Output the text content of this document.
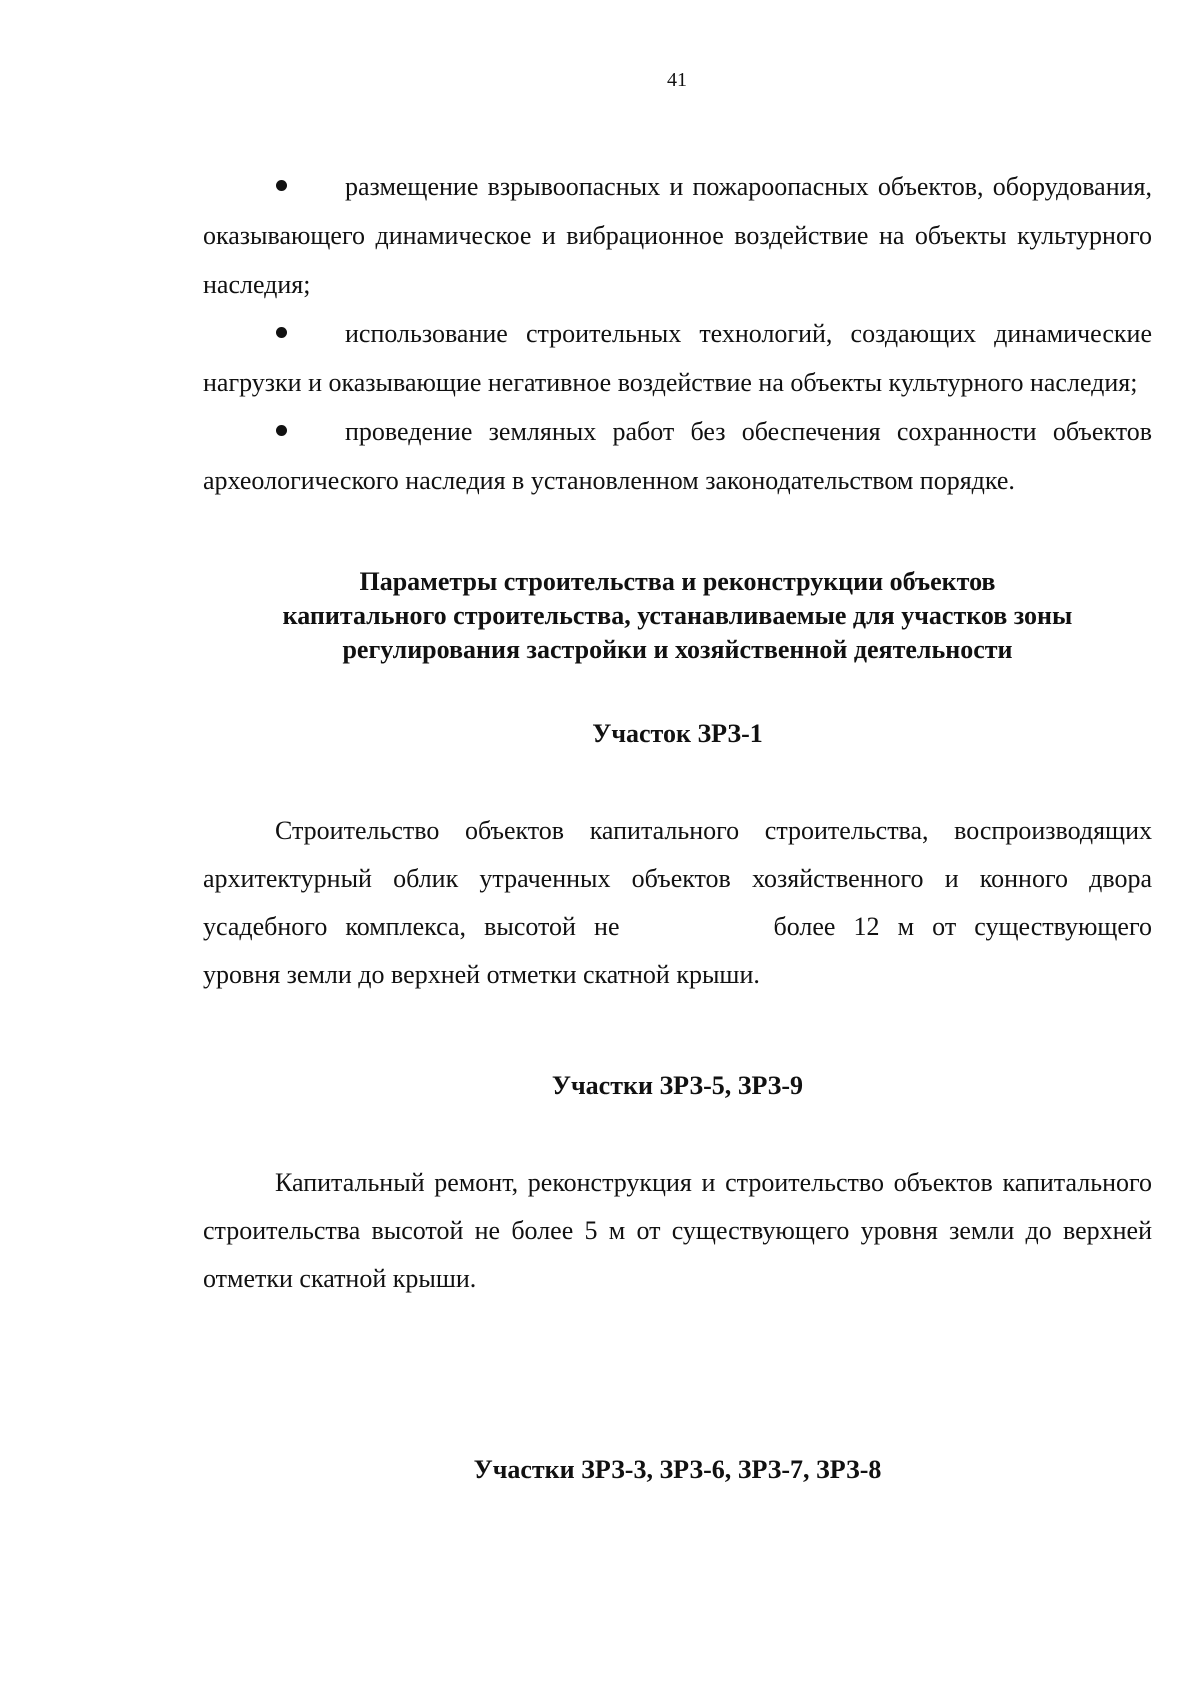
41

размещение взрывоопасных и пожароопасных объектов, оборудования, оказывающего динамическое и вибрационное воздействие на объекты культурного наследия;

использование строительных технологий, создающих динамические нагрузки и оказывающие негативное воздействие на объекты культурного наследия;

проведение земляных работ без обеспечения сохранности объектов археологического наследия в установленном законодательством порядке.

Параметры строительства и реконструкции объектов
капитального строительства, устанавливаемые для участков зоны
регулирования застройки и хозяйственной деятельности
Участок ЗРЗ-1

Строительство объектов капитального строительства, воспроизводящих архитектурный облик утраченных объектов хозяйственного и конного двора усадебного комплекса, высотой не	более 12 м от существующего уровня земли до верхней отметки скатной крыши.

Участки ЗРЗ-5, ЗРЗ-9

Капитальный ремонт, реконструкция и строительство объектов капитального строительства высотой не более 5 м от существующего уровня земли до верхней отметки скатной крыши.

Участки ЗРЗ-3, ЗРЗ-6, ЗРЗ-7, ЗРЗ-8
